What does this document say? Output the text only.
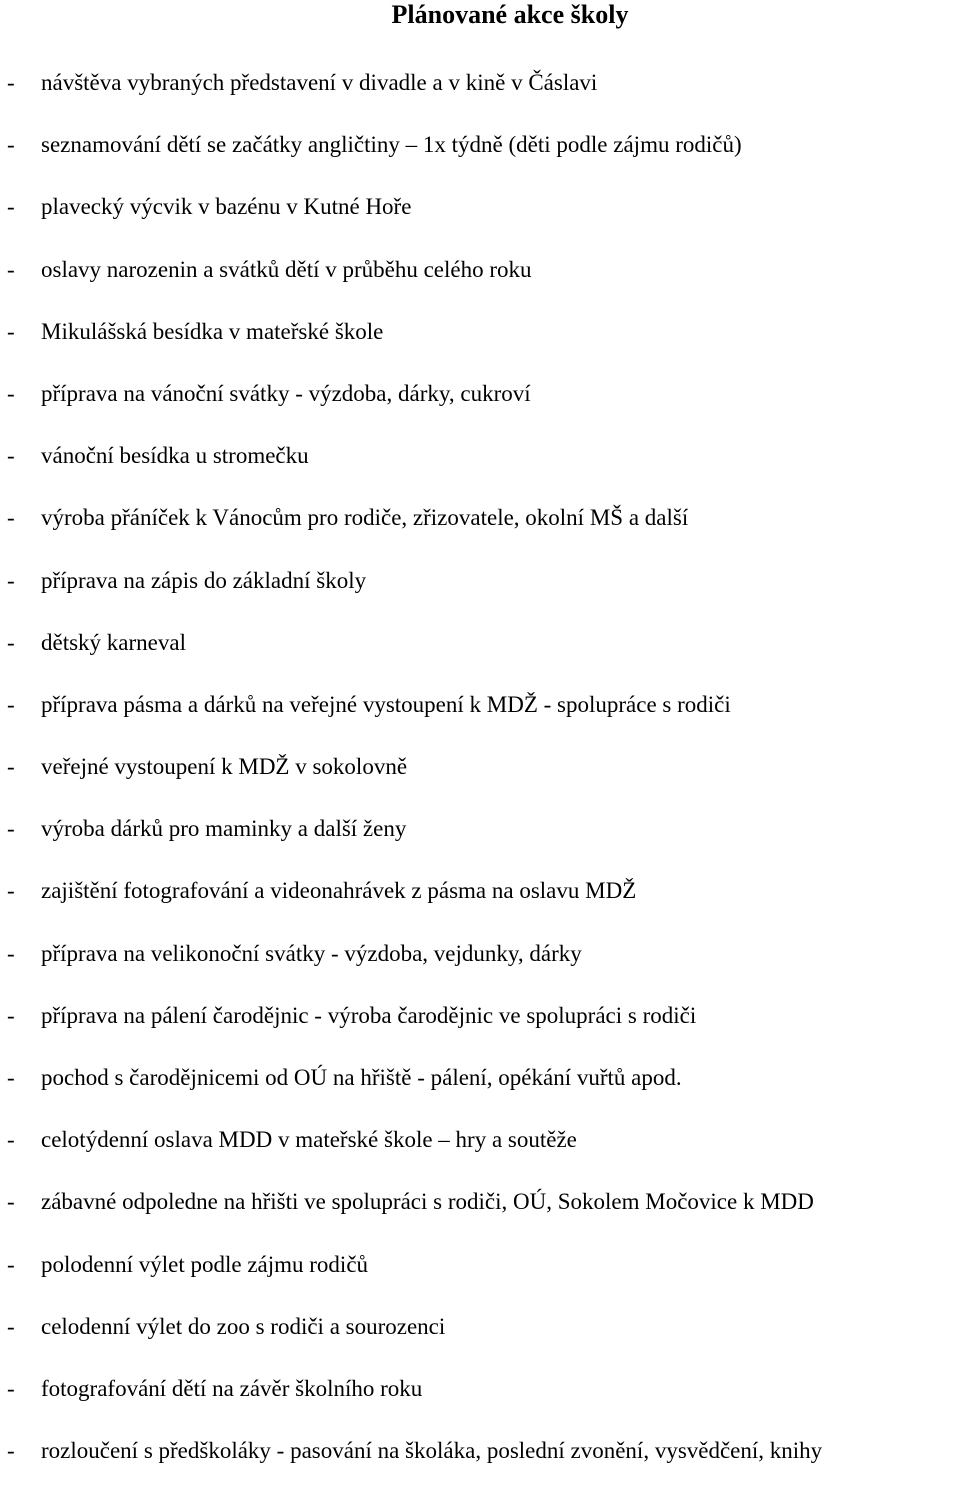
Plánované akce školy
- návštěva vybraných představení v divadle a v kině v Čáslavi
- seznamování dětí se začátky angličtiny – 1x týdně (děti podle zájmu rodičů)
- plavecký výcvik v bazénu v Kutné Hoře
- oslavy narozenin a svátků dětí v průběhu celého roku
- Mikulášská besídka v mateřské škole
- příprava na vánoční svátky - výzdoba, dárky, cukroví
- vánoční besídka u stromečku
- výroba přáníček k Vánocům pro rodiče, zřizovatele, okolní MŠ a další
- příprava na zápis do základní školy
- dětský karneval
- příprava pásma a dárků na veřejné vystoupení k MDŽ - spolupráce s rodiči
- veřejné vystoupení k MDŽ v sokolovně
- výroba dárků pro maminky a další ženy
- zajištění fotografování a videonahrávek z pásma na oslavu MDŽ
- příprava na velikonoční svátky - výzdoba, vejdunky, dárky
- příprava na pálení čarodějnic - výroba čarodějnic ve spolupráci s rodiči
- pochod s čarodějnicemi od OÚ na hřiště - pálení, opékání vuřtů apod.
- celotýdenní oslava MDD v mateřské škole – hry a soutěže
- zábavné odpoledne na hřišti ve spolupráci s rodiči, OÚ, Sokolem Močovice k MDD
- polodenní výlet podle zájmu rodičů
- celodenní výlet do zoo s rodiči a sourozenci
- fotografování dětí na závěr školního roku
- rozloučení s předškoláky - pasování na školáka, poslední zvonění, vysvědčení, knihy
